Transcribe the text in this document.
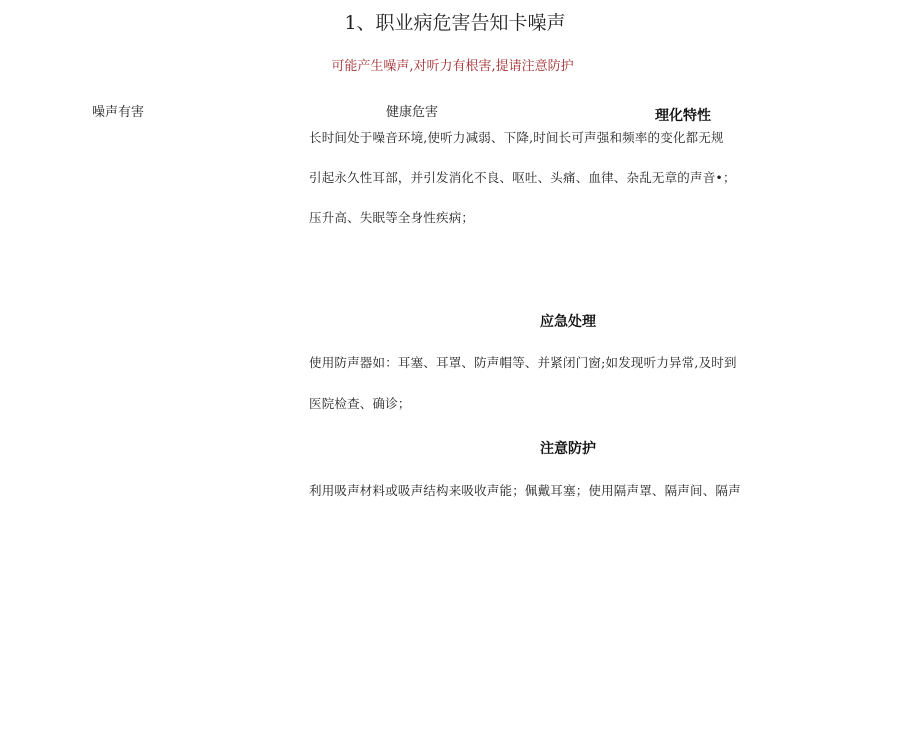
1、职业病危害告知卡噪声
可能产生噪声,对听力有根害,提请注意防护
噪声有害	健康危害	理化特性
长时间处于噪音环境,使听力减弱、下降,时间长可声强和频率的变化都无规
引起永久性耳部，并引发消化不良、呕吐、头痛、血律、杂乱无章的声音•；
压升高、失眠等全身性疾病；
应急处理
使用防声器如：耳塞、耳罩、防声帽等、并紧闭门窗;如发现听力异常,及时到
医院检查、确诊；
注意防护
利用吸声材料或吸声结构来吸收声能；佩戴耳塞；使用隔声罩、隔声间、隔声
